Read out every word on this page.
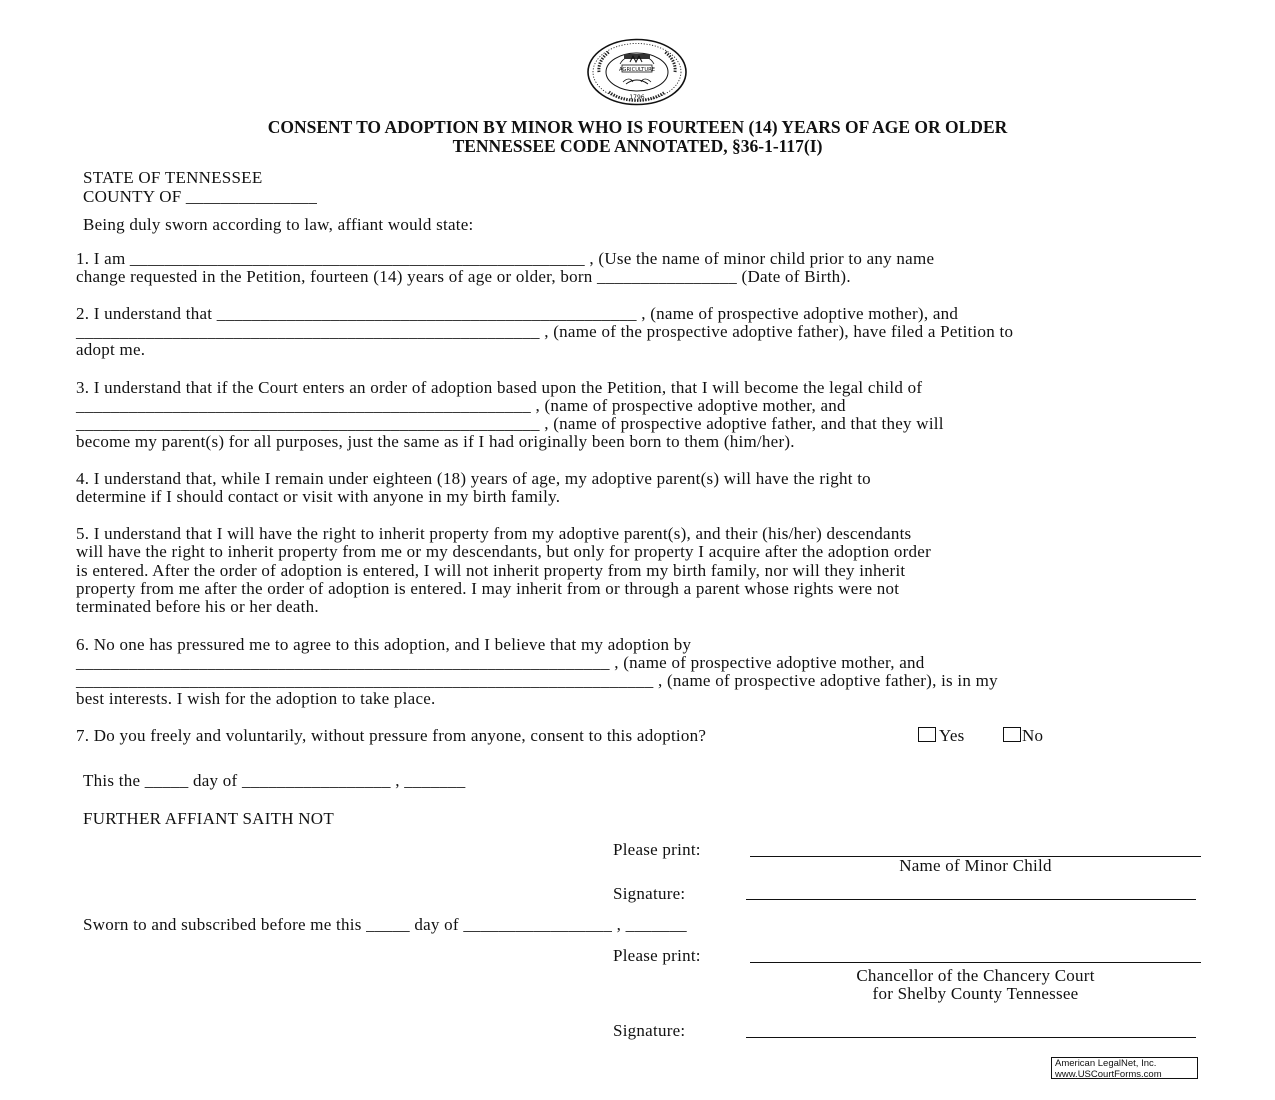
AGRICULTURE
1796
CONSENT TO ADOPTION BY MINOR WHO IS FOURTEEN (14) YEARS OF AGE OR OLDER
TENNESSEE CODE ANNOTATED, §36-1-117(I)
STATE OF TENNESSEE
COUNTY OF _______________
Being duly sworn according to law, affiant would state:
1. I am ____________________________________________________ , (Use the name of minor child prior to any name
change requested in the Petition, fourteen (14) years of age or older, born ________________ (Date of Birth).
2. I understand that ________________________________________________ , (name of prospective adoptive mother), and
_____________________________________________________ , (name of the prospective adoptive father), have filed a Petition to
adopt me.
3. I understand that if the Court enters an order of adoption based upon the Petition, that I will become the legal child of
____________________________________________________ , (name of prospective adoptive mother, and
_____________________________________________________ , (name of prospective adoptive father, and that they will
become my parent(s) for all purposes, just the same as if I had originally been born to them (him/her).
4. I understand that, while I remain under eighteen (18) years of age, my adoptive parent(s) will have the right to
determine if I should contact or visit with anyone in my birth family.
5. I understand that I will have the right to inherit property from my adoptive parent(s), and their (his/her) descendants
will have the right to inherit property from me or my descendants, but only for property I acquire after the adoption order
is entered. After the order of adoption is entered, I will not inherit property from my birth family, nor will they inherit
property from me after the order of adoption is entered. I may inherit from or through a parent whose rights were not
terminated before his or her death.
6. No one has pressured me to agree to this adoption, and I believe that my adoption by
_____________________________________________________________ , (name of prospective adoptive mother, and
__________________________________________________________________ , (name of prospective adoptive father), is in my
best interests. I wish for the adoption to take place.
7. Do you freely and voluntarily, without pressure from anyone, consent to this adoption?	Yes	No
This the _____ day of _________________ , _______
FURTHER AFFIANT SAITH NOT
Please print:
Name of Minor Child
Signature:
Sworn to and subscribed before me this _____ day of _________________ , _______
Please print:
Chancellor of the Chancery Court
for Shelby County Tennessee
Signature:
American LegalNet, Inc.
www.USCourtForms.com
